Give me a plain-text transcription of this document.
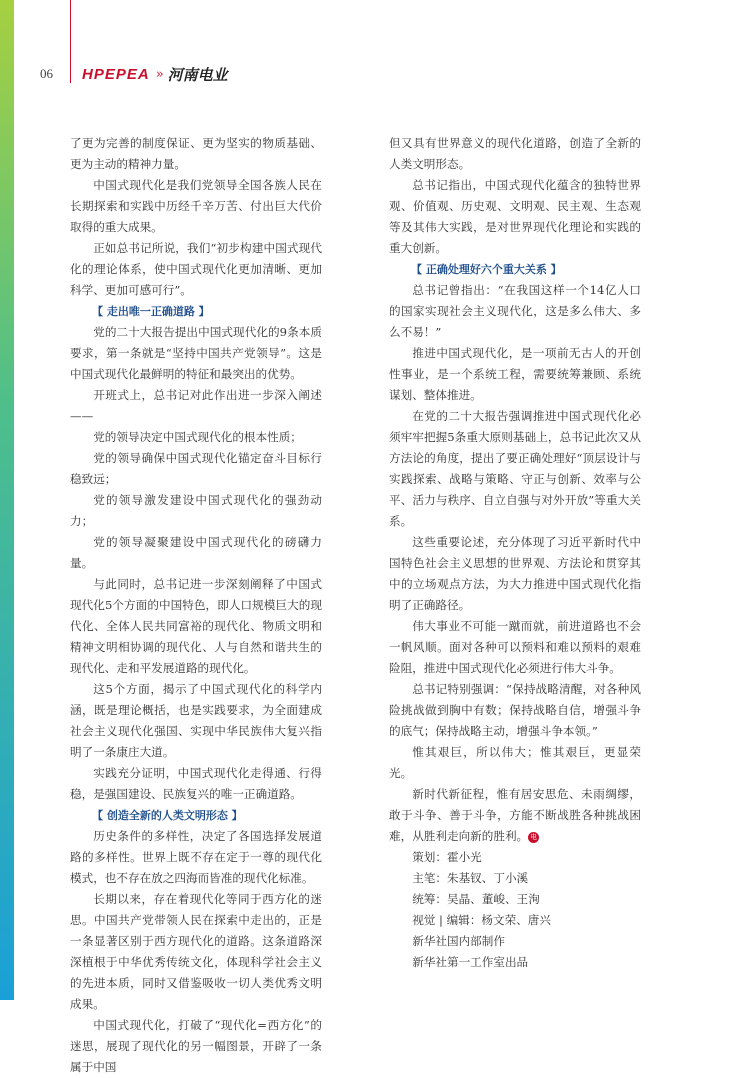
06	HPEPEA » 河南电业

了更为完善的制度保证、更为坚实的物质基础、更为主动的精神力量。

中国式现代化是我们党领导全国各族人民在长期探索和实践中历经千辛万苦、付出巨大代价取得的重大成果。

正如总书记所说，我们“初步构建中国式现代化的理论体系，使中国式现代化更加清晰、更加科学、更加可感可行”。

【 走出唯一正确道路 】

党的二十大报告提出中国式现代化的9条本质要求，第一条就是“坚持中国共产党领导”。这是中国式现代化最鲜明的特征和最突出的优势。

开班式上，总书记对此作出进一步深入阐述——

党的领导决定中国式现代化的根本性质；

党的领导确保中国式现代化锚定奋斗目标行稳致远；

党的领导激发建设中国式现代化的强劲动力；

党的领导凝聚建设中国式现代化的磅礴力量。

与此同时，总书记进一步深刻阐释了中国式现代化5个方面的中国特色，即人口规模巨大的现代化、全体人民共同富裕的现代化、物质文明和精神文明相协调的现代化、人与自然和谐共生的现代化、走和平发展道路的现代化。

这5个方面，揭示了中国式现代化的科学内涵，既是理论概括，也是实践要求，为全面建成社会主义现代化强国、实现中华民族伟大复兴指明了一条康庄大道。

实践充分证明，中国式现代化走得通、行得稳，是强国建设、民族复兴的唯一正确道路。

【 创造全新的人类文明形态 】

历史条件的多样性，决定了各国选择发展道路的多样性。世界上既不存在定于一尊的现代化模式，也不存在放之四海而皆准的现代化标准。

长期以来，存在着现代化等同于西方化的迷思。中国共产党带领人民在探索中走出的，正是一条显著区别于西方现代化的道路。这条道路深深植根于中华优秀传统文化，体现科学社会主义的先进本质，同时又借鉴吸收一切人类优秀文明成果。

中国式现代化，打破了“现代化=西方化”的迷思，展现了现代化的另一幅图景，开辟了一条属于中国

但又具有世界意义的现代化道路，创造了全新的人类文明形态。

总书记指出，中国式现代化蕴含的独特世界观、价值观、历史观、文明观、民主观、生态观等及其伟大实践，是对世界现代化理论和实践的重大创新。

【 正确处理好六个重大关系 】

总书记曾指出：“在我国这样一个14亿人口的国家实现社会主义现代化，这是多么伟大、多么不易！”

推进中国式现代化，是一项前无古人的开创性事业，是一个系统工程，需要统筹兼顾、系统谋划、整体推进。

在党的二十大报告强调推进中国式现代化必须牢牢把握5条重大原则基础上，总书记此次又从方法论的角度，提出了要正确处理好“顶层设计与实践探索、战略与策略、守正与创新、效率与公平、活力与秩序、自立自强与对外开放”等重大关系。

这些重要论述，充分体现了习近平新时代中国特色社会主义思想的世界观、方法论和贯穿其中的立场观点方法，为大力推进中国式现代化指明了正确路径。

伟大事业不可能一蹴而就，前进道路也不会一帆风顺。面对各种可以预料和难以预料的艰难险阻，推进中国式现代化必须进行伟大斗争。

总书记特别强调：“保持战略清醒，对各种风险挑战做到胸中有数；保持战略自信，增强斗争的底气；保持战略主动，增强斗争本领。”

惟其艰巨，所以伟大；惟其艰巨，更显荣光。

新时代新征程，惟有居安思危、未雨绸缪，敢于斗争、善于斗争，方能不断战胜各种挑战困难，从胜利走向新的胜利。 电

策划：霍小光

主笔：朱基钗、丁小溪

统筹：吴晶、董峻、王洵

视觉 | 编辑：杨文荣、唐兴

新华社国内部制作

新华社第一工作室出品
